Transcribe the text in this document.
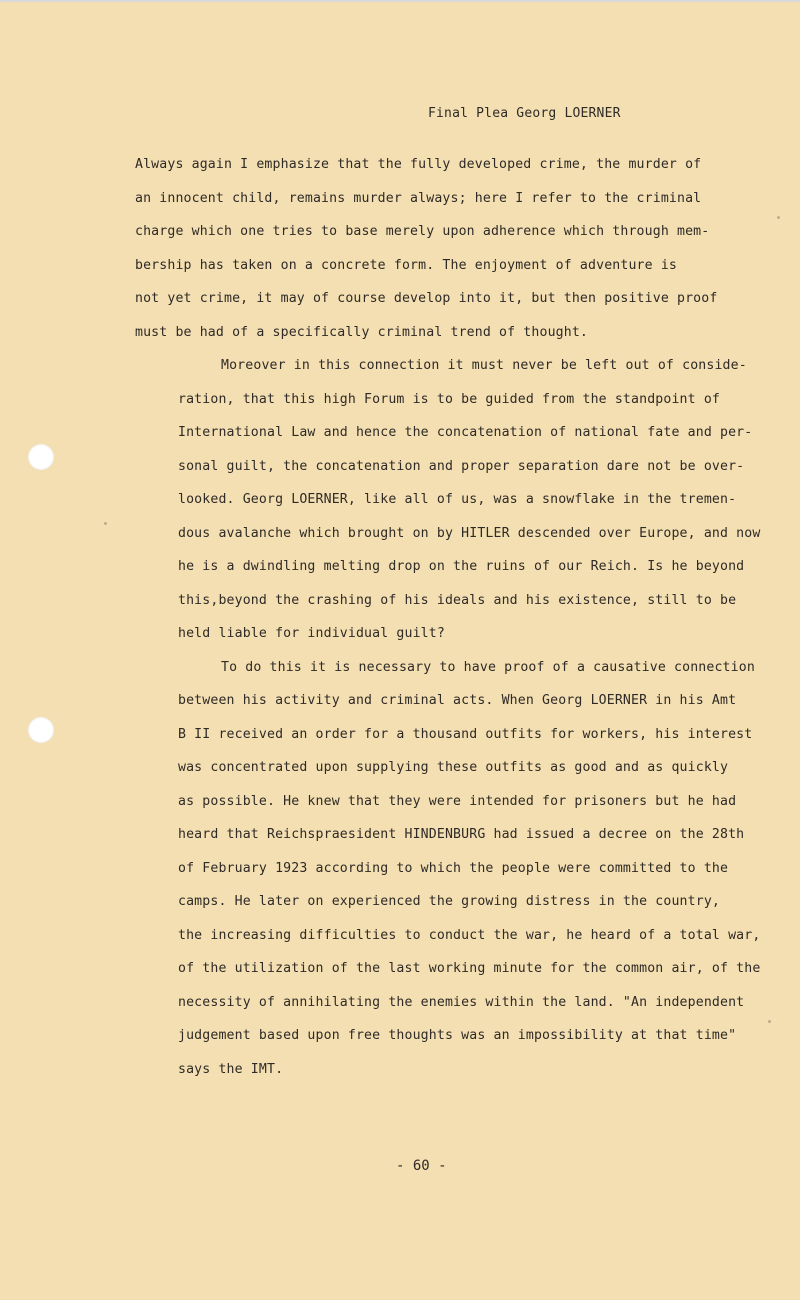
Final Plea Georg LOERNER

Always again I emphasize that the fully developed crime, the murder of
an innocent child, remains murder always; here I refer to the criminal
charge which one tries to base merely upon adherence which through mem-
bership has taken on a concrete form. The enjoyment of adventure is
not yet crime, it may of course develop into it, but then positive proof
must be had of a specifically criminal trend of thought.

Moreover in this connection it must never be left out of conside-
ration, that this high Forum is to be guided from the standpoint of
International Law and hence the concatenation of national fate and per-
sonal guilt, the concatenation and proper separation dare not be over-
looked. Georg LOERNER, like all of us, was a snowflake in the tremen-
dous avalanche which brought on by HITLER descended over Europe, and now
he is a dwindling melting drop on the ruins of our Reich. Is he beyond
this,beyond the crashing of his ideals and his existence, still to be
held liable for individual guilt?

To do this it is necessary to have proof of a causative connection
between his activity and criminal acts. When Georg LOERNER in his Amt
B II received an order for a thousand outfits for workers, his interest
was concentrated upon supplying these outfits as good and as quickly
as possible. He knew that they were intended for prisoners but he had
heard that Reichspraesident HINDENBURG had issued a decree on the 28th
of February 1923 according to which the people were committed to the
camps. He later on experienced the growing distress in the country,
the increasing difficulties to conduct the war, he heard of a total war,
of the utilization of the last working minute for the common air, of the
necessity of annihilating the enemies within the land. "An independent
judgement based upon free thoughts was an impossibility at that time"
says the IMT.

- 60 -
